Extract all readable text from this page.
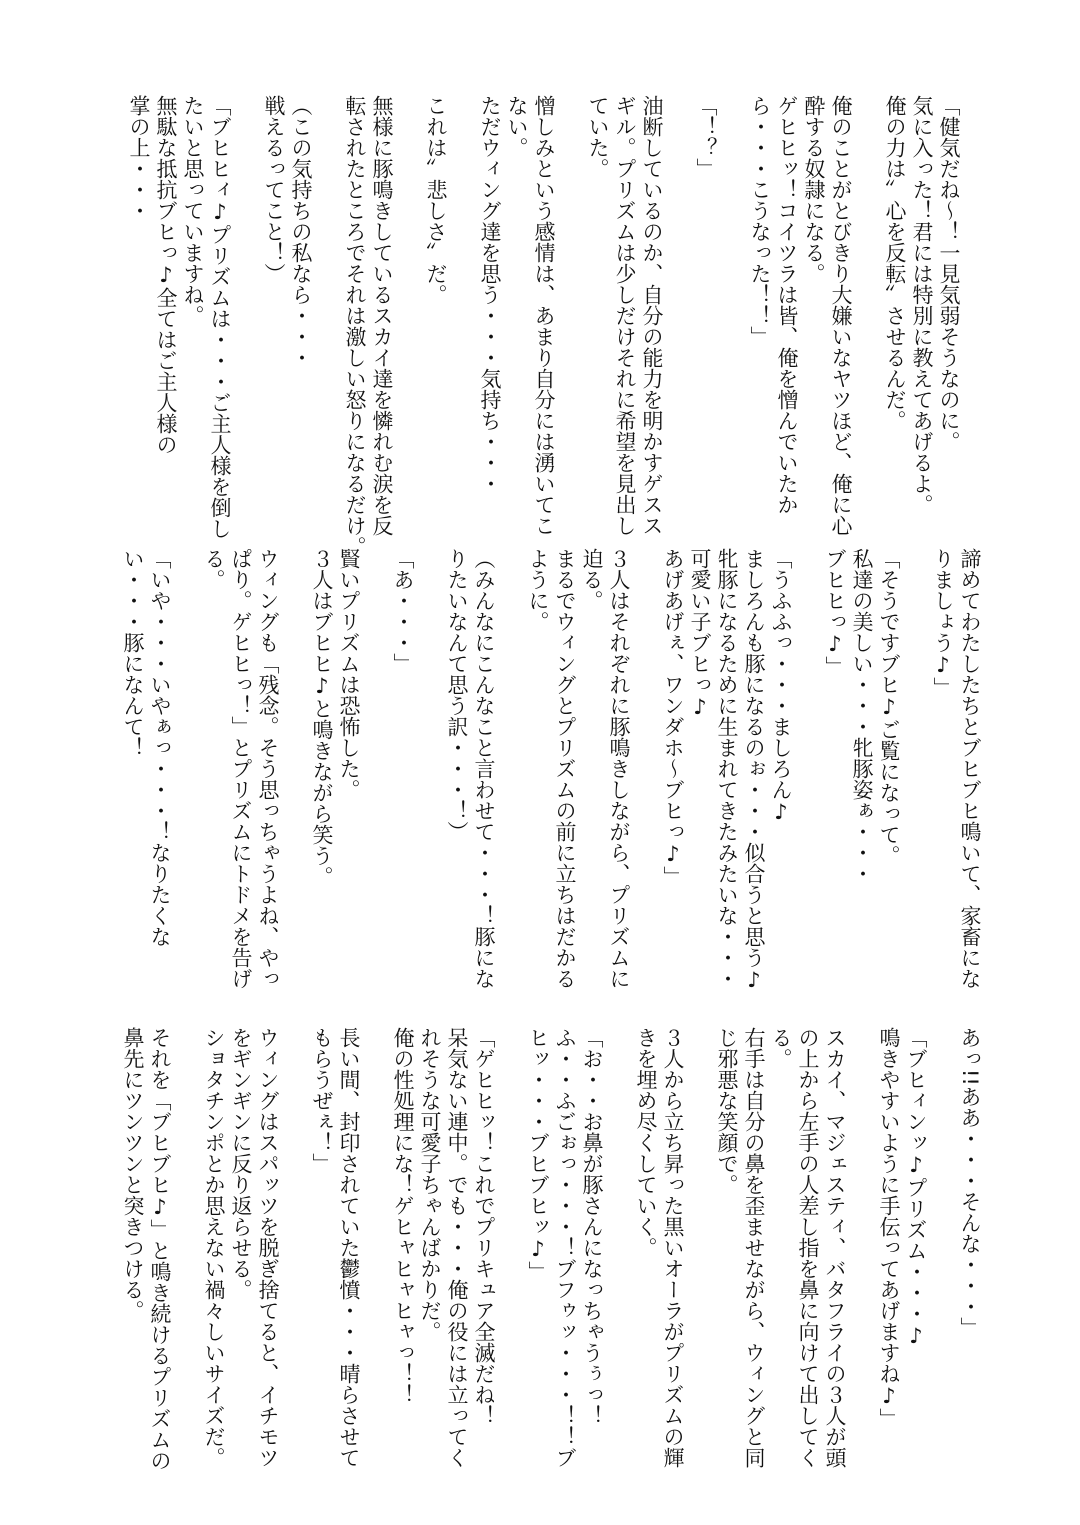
「健気だね～！一見気弱そうなのに。
気に入った！君には特別に教えてあげるよ。
俺の力は〟心を反転〟させるんだ。
俺のことがとびきり大嫌いなヤツほど、俺に心
酔する奴隷になる。
ゲヒヒッ！コイツラは皆、俺を憎んでいたか
ら・・・こうなった！！」
「！？」
油断しているのか、自分の能力を明かすゲスス
ギル。プリズムは少しだけそれに希望を見出し
ていた。
憎しみという感情は、あまり自分には湧いてこ
ない。
ただウィング達を思う・・・気持ち・・・
これは〟悲しさ〟だ。
無様に豚鳴きしているスカイ達を憐れむ涙を反
転されたところでそれは激しい怒りになるだけ。
（この気持ちの私なら・・・
戦えるってこと！）
「ブヒヒィ♪プリズムは・・・ご主人様を倒し
たいと思っていますね。
無駄な抵抗ブヒっ♪全てはご主人様の
掌の上・・・
諦めてわたしたちとブヒブヒ鳴いて、家畜にな
りましょう♪」
「そうですブヒ♪ご覧になって。
私達の美しい・・・牝豚姿ぁ・・・
ブヒヒっ♪」
「うふふっ・・・ましろん♪
ましろんも豚になるのぉ・・・似合うと思う♪
牝豚になるために生まれてきたみたいな・・・
可愛い子ブヒっ♪
あげあげぇ、ワンダホ～ブヒっ♪」
３人はそれぞれに豚鳴きしながら、プリズムに
迫る。
まるでウィングとプリズムの前に立ちはだかる
ように。
（みんなにこんなこと言わせて・・・！豚にな
りたいなんて思う訳・・・！）
「あ・・・」
賢いプリズムは恐怖した。
３人はブヒヒ♪と鳴きながら笑う。
ウィングも「残念。そう思っちゃうよね、やっ
ぱり。ゲヒヒっ！」とプリズムにトドメを告げ
る。
「いや・・・いやぁっ・・・！なりたくな
い・・・豚になんて！
あっ!!ああ・・・そんな・・・」
「ブヒィンッ♪プリズム・・・♪
鳴きやすいように手伝ってあげますね♪」
スカイ、マジェスティ、バタフライの３人が頭
の上から左手の人差し指を鼻に向けて出してく
る。
右手は自分の鼻を歪ませながら、ウィングと同
じ邪悪な笑顔で。
３人から立ち昇った黒いオーラがプリズムの輝
きを埋め尽くしていく。
「お・・お鼻が豚さんになっちゃうぅっ！
ふ・・ふごぉっ・・・！ブフゥッ・・・！！ブ
ヒッ・・・ブヒブヒッ♪」
「ゲヒヒッ！これでプリキュア全滅だね！
呆気ない連中。でも・・・俺の役には立ってく
れそうな可愛子ちゃんばかりだ。
俺の性処理にな！ゲヒャヒャヒャっ！！
長い間、封印されていた鬱憤・・・晴らさせて
もらうぜぇ！」
ウィングはスパッツを脱ぎ捨てると、イチモツ
をギンギンに反り返らせる。
ショタチンポとか思えない禍々しいサイズだ。
それを「ブヒブヒ♪」と鳴き続けるプリズムの
鼻先にツンツンと突きつける。
